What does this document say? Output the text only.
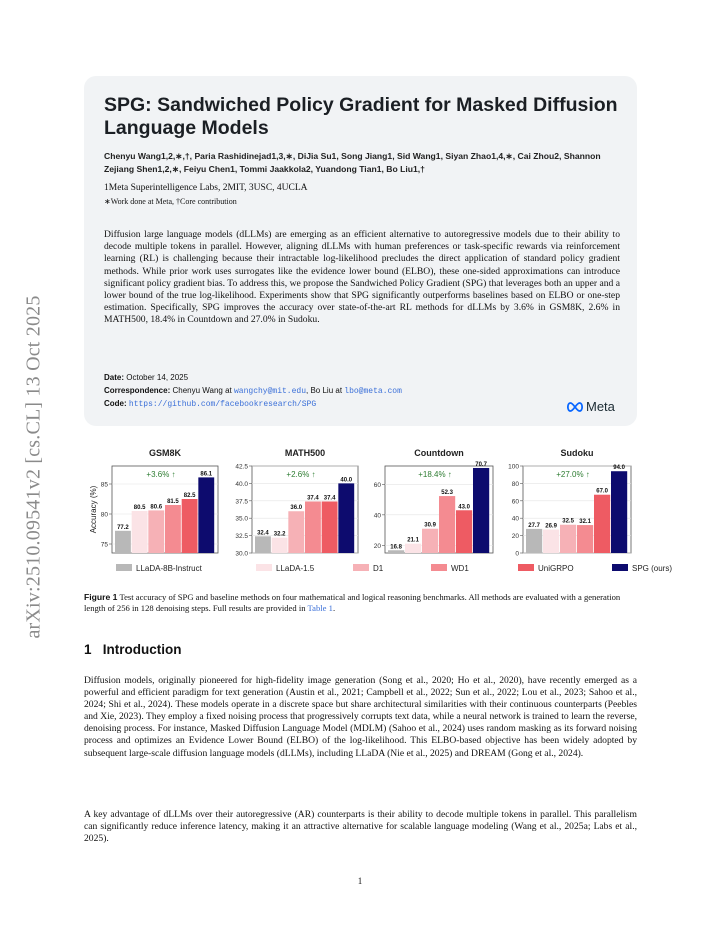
arXiv:2510.09541v2 [cs.CL] 13 Oct 2025
SPG: Sandwiched Policy Gradient for Masked Diffusion Language Models
Chenyu Wang1,2,∗,†, Paria Rashidinejad1,3,∗, DiJia Su1, Song Jiang1, Sid Wang1, Siyan Zhao1,4,∗, Cai Zhou2, Shannon Zejiang Shen1,2,∗, Feiyu Chen1, Tommi Jaakkola2, Yuandong Tian1, Bo Liu1,†
1Meta Superintelligence Labs, 2MIT, 3USC, 4UCLA
∗Work done at Meta, †Core contribution

Diffusion large language models (dLLMs) are emerging as an efficient alternative to autoregressive models due to their ability to decode multiple tokens in parallel. However, aligning dLLMs with human preferences or task-specific rewards via reinforcement learning (RL) is challenging because their intractable log-likelihood precludes the direct application of standard policy gradient methods. While prior work uses surrogates like the evidence lower bound (ELBO), these one-sided approximations can introduce significant policy gradient bias. To address this, we propose the Sandwiched Policy Gradient (SPG) that leverages both an upper and a lower bound of the true log-likelihood. Experiments show that SPG significantly outperforms baselines based on ELBO or one-step estimation. Specifically, SPG improves the accuracy over state-of-the-art RL methods for dLLMs by 3.6% in GSM8K, 2.6% in MATH500, 18.4% in Countdown and 27.0% in Sudoku.

Date: October 14, 2025
Correspondence: Chenyu Wang at wangchy@mit.edu, Bo Liu at lbo@meta.com
Code: https://github.com/facebookresearch/SPG	Meta
GSM8K
75
80
85
77.2
80.5 80.6
81.5
82.5
86.1
+3.6% ↑
Accuracy (%)
MATH500
30.0
32.5
35.0
37.5
40.0
42.5
32.4 32.2
36.0
37.4 37.4
40.0
+2.6% ↑
Countdown
20
40
60
16.8
21.1
30.9
52.3
43.0
70.7
+18.4% ↑
Sudoku
0
20
40
60
80
100
27.7 26.9
32.5 32.1
67.0
94.0
+27.0% ↑
LLaDA-8B-Instruct	LLaDA-1.5	D1	WD1	UniGRPO	SPG (ours)

Figure 1 Test accuracy of SPG and baseline methods on four mathematical and logical reasoning benchmarks. All methods are evaluated with a generation length of 256 in 128 denoising steps. Full results are provided in Table 1.

1 Introduction

Diffusion models, originally pioneered for high-fidelity image generation (Song et al., 2020; Ho et al., 2020), have recently emerged as a powerful and efficient paradigm for text generation (Austin et al., 2021; Campbell et al., 2022; Sun et al., 2022; Lou et al., 2023; Sahoo et al., 2024; Shi et al., 2024). These models operate in a discrete space but share architectural similarities with their continuous counterparts (Peebles and Xie, 2023). They employ a fixed noising process that progressively corrupts text data, while a neural network is trained to learn the reverse, denoising process. For instance, Masked Diffusion Language Model (MDLM) (Sahoo et al., 2024) uses random masking as its forward noising process and optimizes an Evidence Lower Bound (ELBO) of the log-likelihood. This ELBO-based objective has been widely adopted by subsequent large-scale diffusion language models (dLLMs), including LLaDA (Nie et al., 2025) and DREAM (Gong et al., 2024).

A key advantage of dLLMs over their autoregressive (AR) counterparts is their ability to decode multiple tokens in parallel. This parallelism can significantly reduce inference latency, making it an attractive alternative for scalable language modeling (Wang et al., 2025a; Labs et al., 2025).

1
